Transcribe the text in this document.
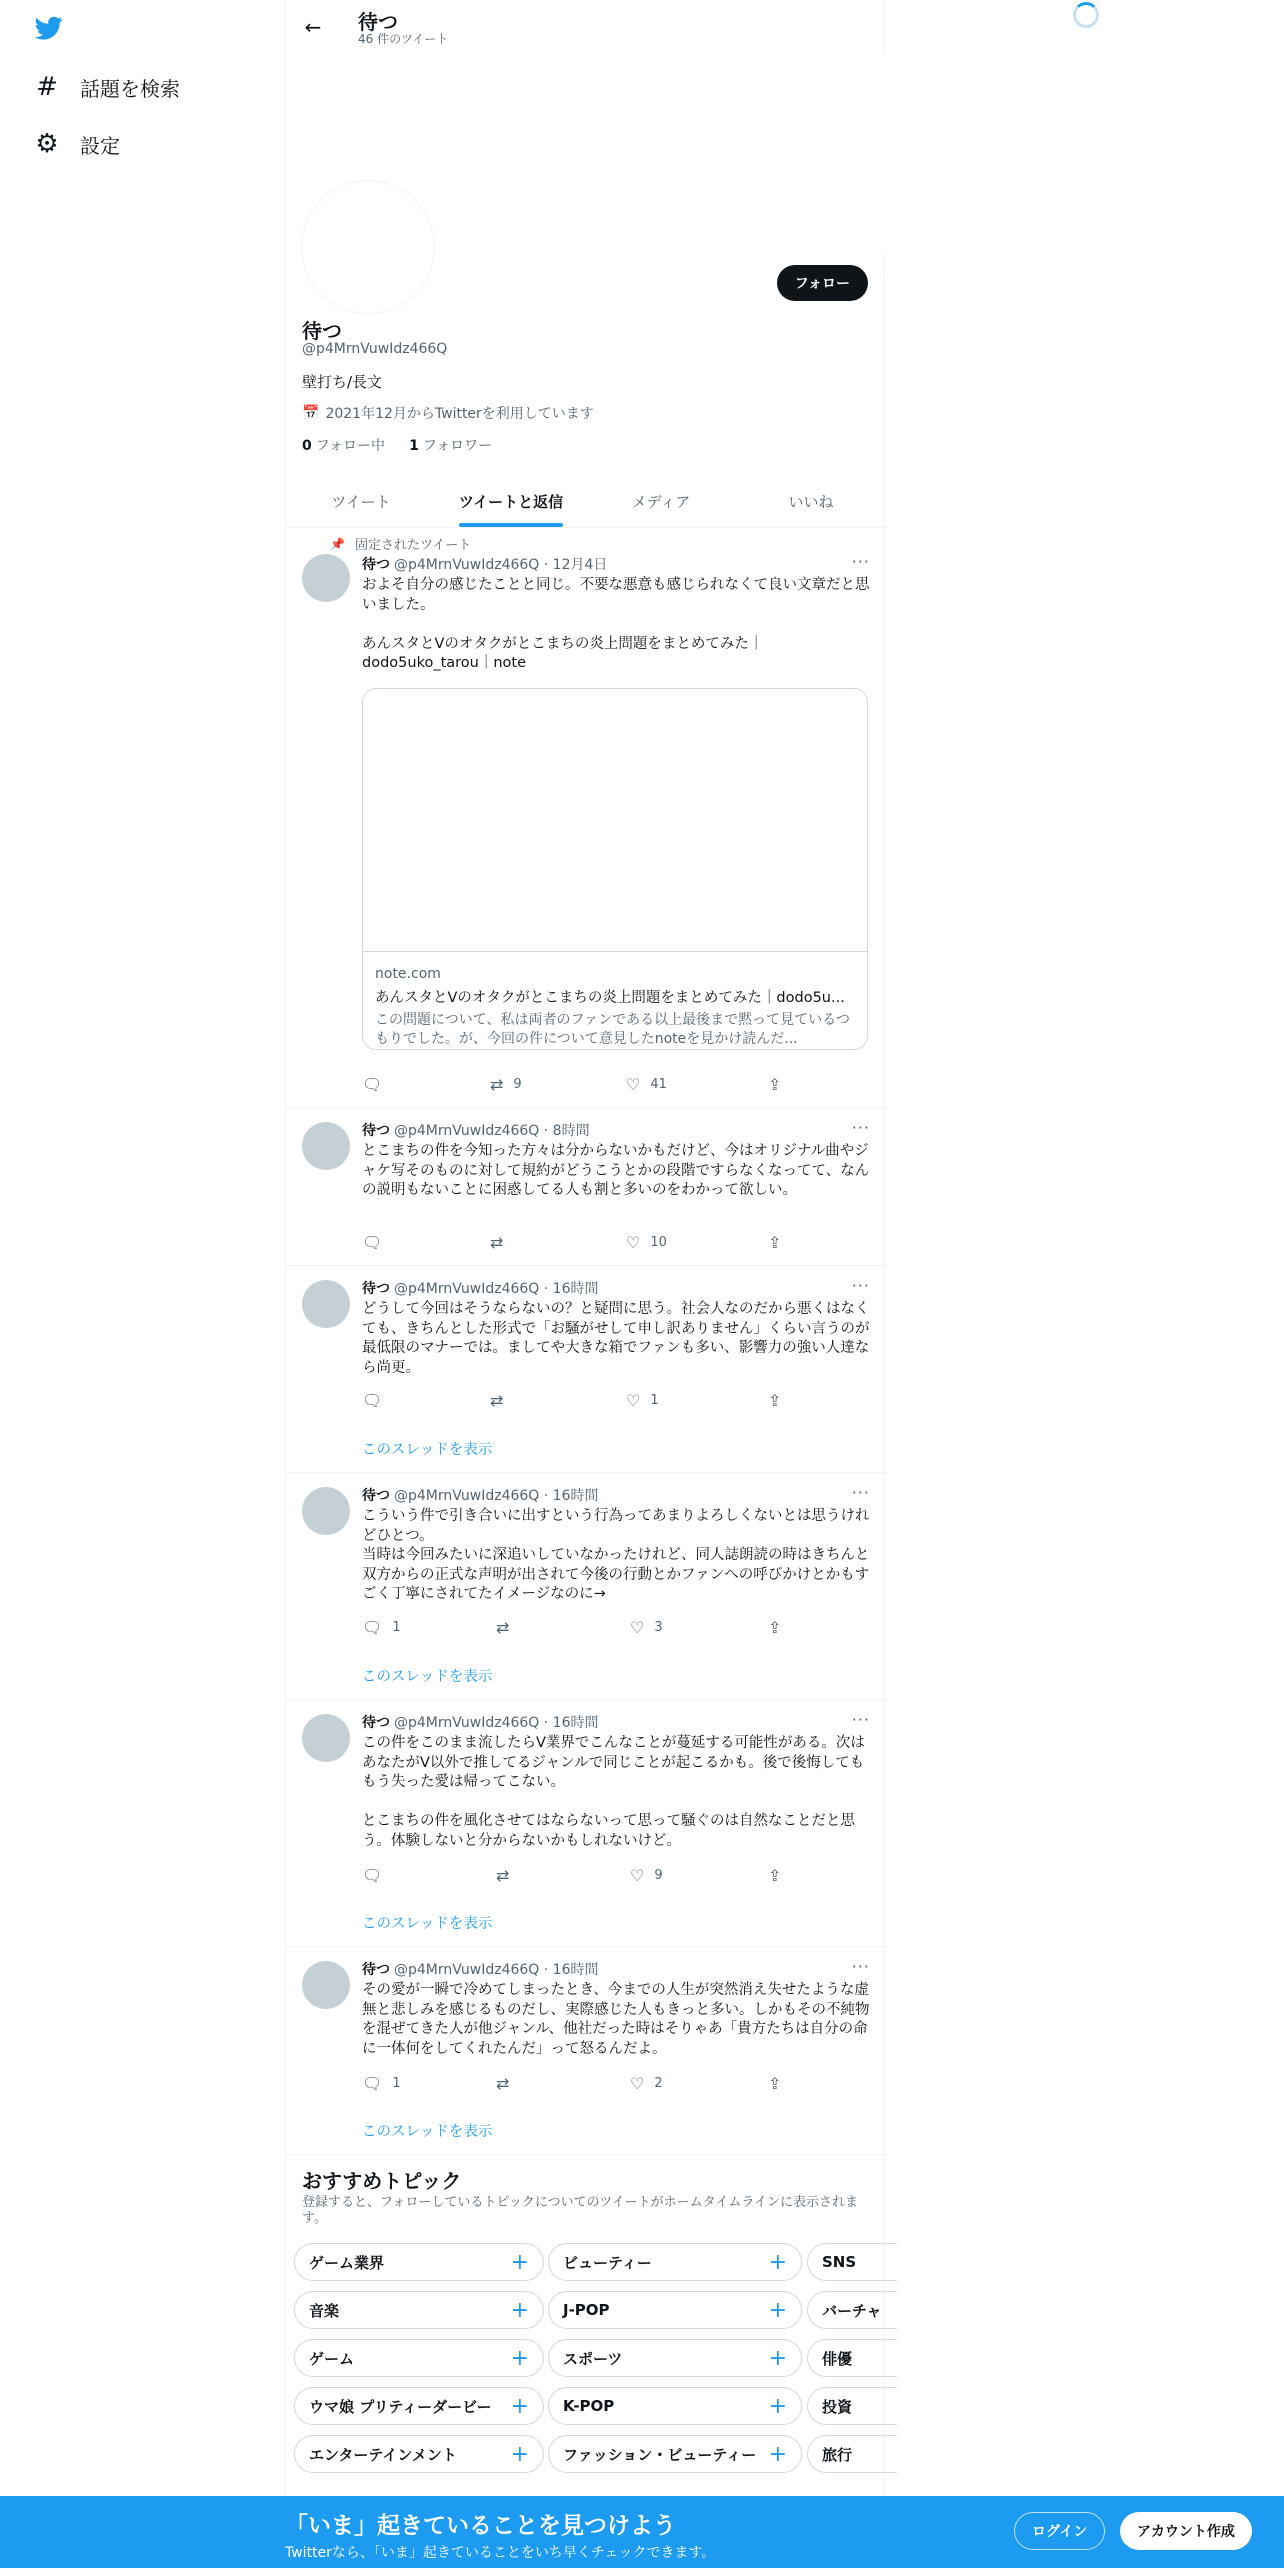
# 話題を検索
⚙ 設定
← 待つ
46 件のツイート
フォロー
待つ
@p4MrnVuwIdz466Q
壁打ち/長文
📅 2021年12月からTwitterを利用しています
0 フォロー中 1 フォロワー
ツイート	ツイートと返信	メディア	いいね
📌 固定されたツイート
待つ @p4MrnVuwIdz466Q · 12月4日	···
およそ自分の感じたことと同じ。不要な悪意も感じられなくて良い文章だと思いました。

あんスタとVのオタクがとこまちの炎上問題をまとめてみた｜dodo5uko_tarou｜note
note.com
あんスタとVのオタクがとこまちの炎上問題をまとめてみた｜dodo5u...
この問題について、私は両者のファンである以上最後まで黙って見ているつもりでした。が、今回の件について意見したnoteを見かけ読んだ...
🗨	⇄ 9	♡ 41	⇪
待つ @p4MrnVuwIdz466Q · 8時間	···
とこまちの件を今知った方々は分からないかもだけど、今はオリジナル曲やジャケ写そのものに対して規約がどうこうとかの段階ですらなくなってて、なんの説明もないことに困惑してる人も割と多いのをわかって欲しい。
🗨	⇄	♡ 10	⇪
待つ @p4MrnVuwIdz466Q · 16時間	···
どうして今回はそうならないの？と疑問に思う。社会人なのだから悪くはなくても、きちんとした形式で「お騒がせして申し訳ありません」くらい言うのが最低限のマナーでは。ましてや大きな箱でファンも多い、影響力の強い人達なら尚更。
🗨	⇄	♡ 1	⇪
このスレッドを表示
待つ @p4MrnVuwIdz466Q · 16時間	···
こういう件で引き合いに出すという行為ってあまりよろしくないとは思うけれどひとつ。
当時は今回みたいに深追いしていなかったけれど、同人誌朗読の時はきちんと双方からの正式な声明が出されて今後の行動とかファンへの呼びかけとかもすごく丁寧にされてたイメージなのに→
🗨 1	⇄	♡ 3	⇪
このスレッドを表示
待つ @p4MrnVuwIdz466Q · 16時間	···
この件をこのまま流したらV業界でこんなことが蔓延する可能性がある。次はあなたがV以外で推してるジャンルで同じことが起こるかも。後で後悔してももう失った愛は帰ってこない。

とこまちの件を風化させてはならないって思って騒ぐのは自然なことだと思う。体験しないと分からないかもしれないけど。
🗨	⇄	♡ 9	⇪
このスレッドを表示
待つ @p4MrnVuwIdz466Q · 16時間	···
その愛が一瞬で冷めてしまったとき、今までの人生が突然消え失せたような虚無と悲しみを感じるものだし、実際感じた人もきっと多い。しかもその不純物を混ぜてきた人が他ジャンル、他社だった時はそりゃあ「貴方たちは自分の命に一体何をしてくれたんだ」って怒るんだよ。
🗨 1	⇄	♡ 2	⇪
このスレッドを表示
おすすめトピック
登録すると、フォローしているトピックについてのツイートがホームタイムラインに表示されます。
ゲーム業界	+
音楽	+
ゲーム	+
ウマ娘 プリティーダービー +
エンターテインメント +
ビューティー	+
J-POP	+
スポーツ	+
K-POP	+
ファッション・ビューティー +
SNS
バーチャ
俳優
投資
旅行
「いま」起きていることを見つけよう
Twitterなら、「いま」起きていることをいち早くチェックできます。
ログイン	アカウント作成
